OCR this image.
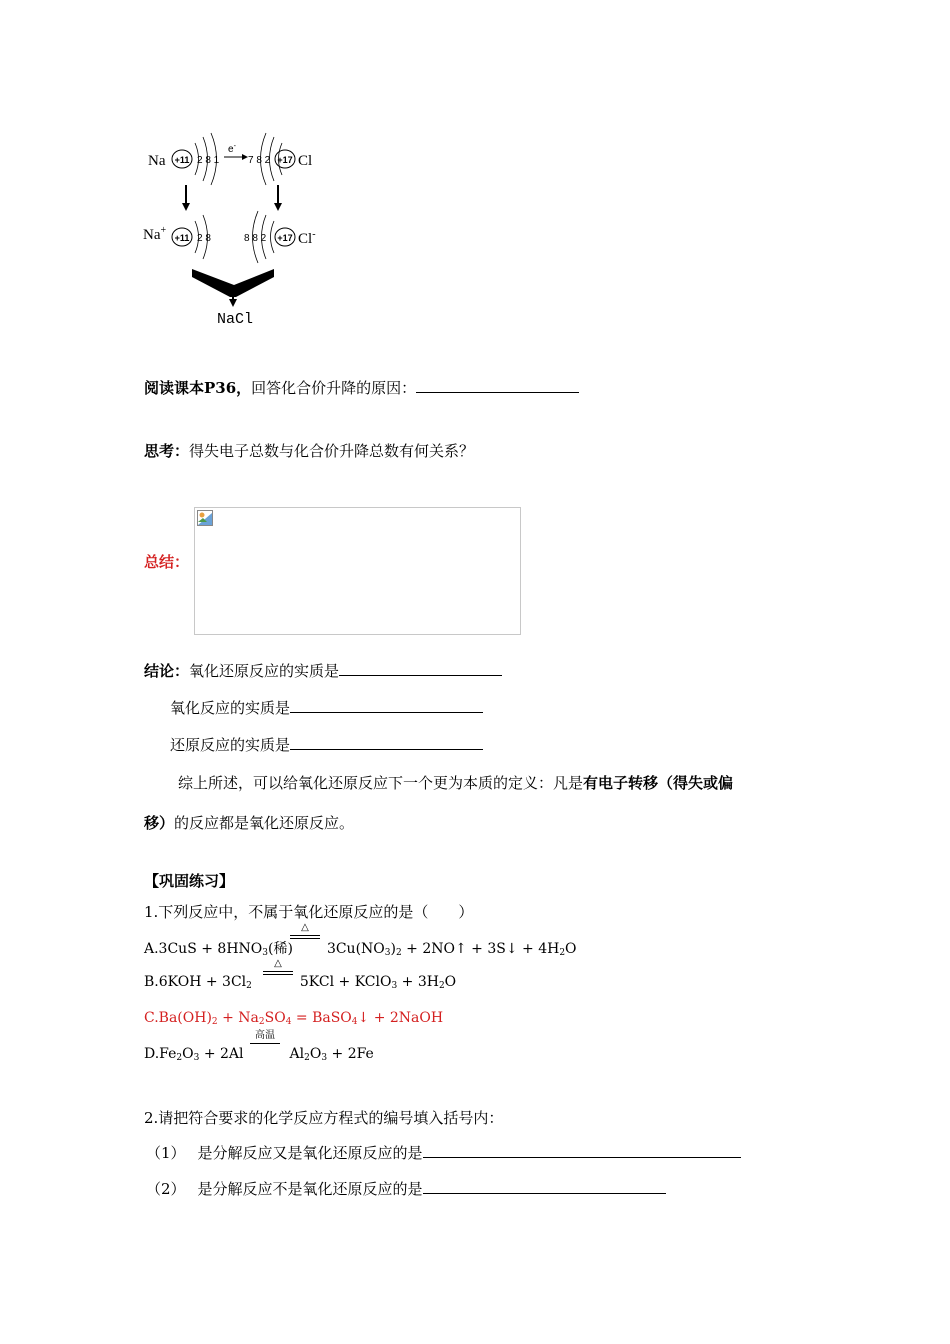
Na +11 2 8 1
e-
7 8 2 +17 Cl
Na+
+11 2 8	8 8 2 +17 Cl-
NaCl
阅读课本P36，回答化合价升降的原因：
思考：得失电子总数与化合价升降总数有何关系？
总结：
结论：氧化还原反应的实质是
氧化反应的实质是
还原反应的实质是
综上所述，可以给氧化还原反应下一个更为本质的定义：凡是有电子转移（得失或偏
移）的反应都是氧化还原反应。
【巩固练习】
1.下列反应中，不属于氧化还原反应的是（　　）
$A.3CuS + 8HNO_3$(稀) $3Cu(NO_3)_2$ + 2NO↑ + 3S↓ + $4H_2O$
△
$B.6KOH + 3Cl_2$	5KCl + KClO$_3$ + $3H_2O$
△
$C.Ba(OH)_2 + Na_2SO_4$ = BaSO$_4$↓ + 2NaOH
$D.Fe_2O_3 + 2Al$	$Al_2O_3 + 2Fe$
高温
2.请把符合要求的化学反应方程式的编号填入括号内：
（1） 是分解反应又是氧化还原反应的是
（2） 是分解反应不是氧化还原反应的是
